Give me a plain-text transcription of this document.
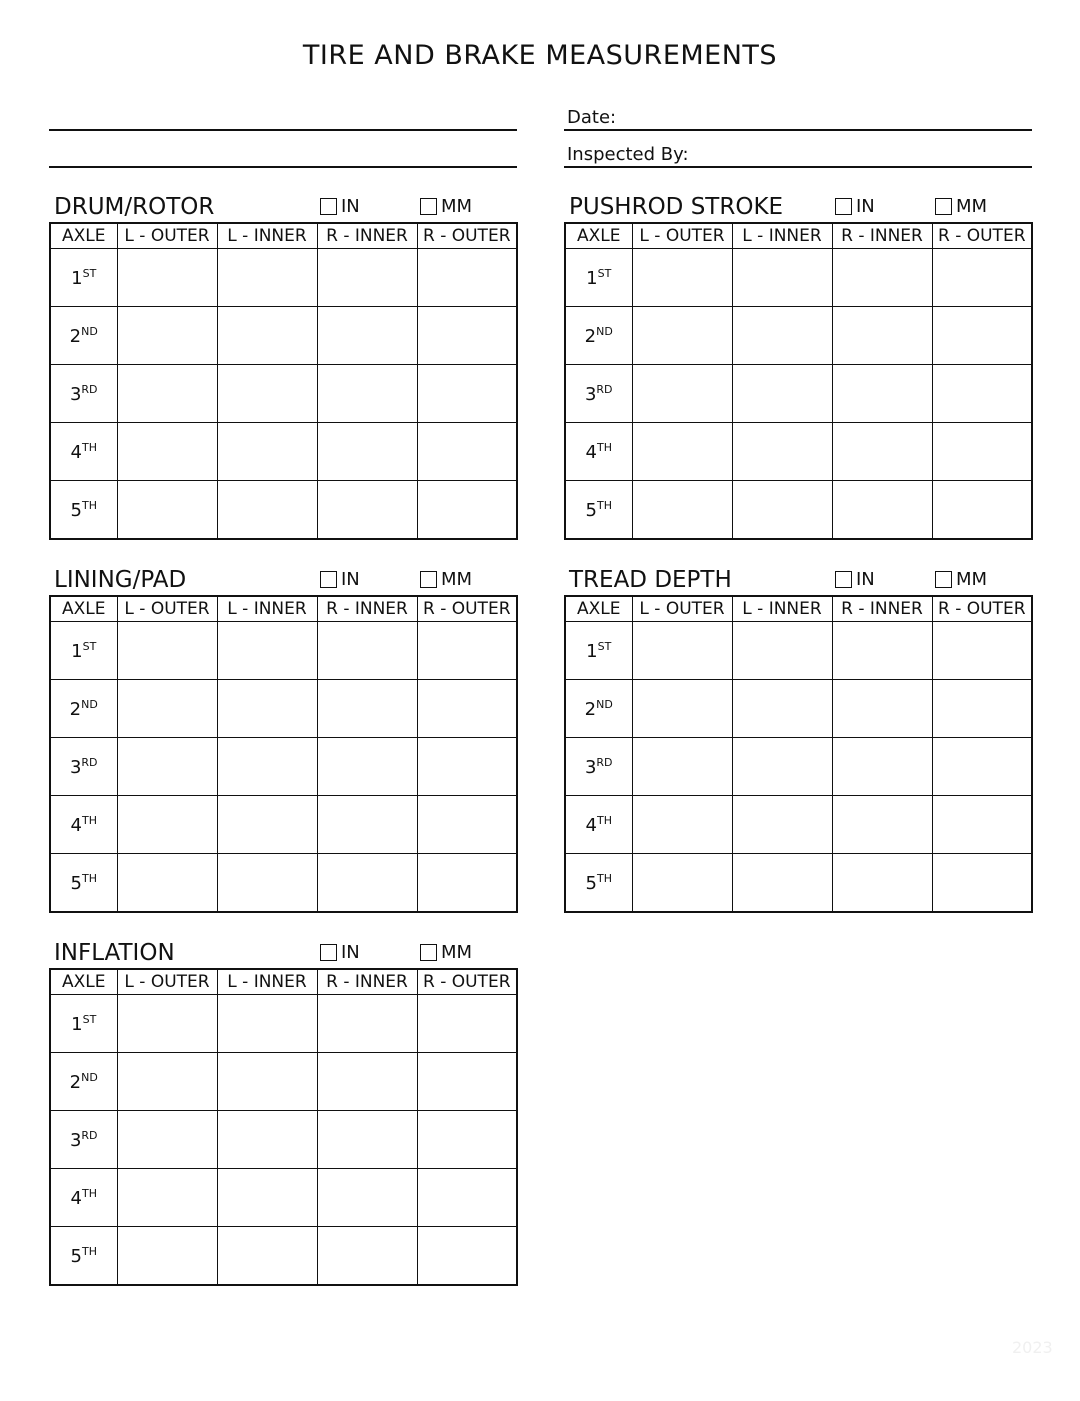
TIRE AND BRAKE MEASUREMENTS
Date:
Inspected By:
2023
DRUM/ROTOR	IN	MM
AXLE	L - OUTER	L - INNER	R - INNER	R - OUTER
1ST				
2ND				
3RD				
4TH				
5TH				
PUSHROD STROKE	IN	MM
AXLE	L - OUTER	L - INNER	R - INNER	R - OUTER
1ST				
2ND				
3RD				
4TH				
5TH				
LINING/PAD	IN	MM
AXLE	L - OUTER	L - INNER	R - INNER	R - OUTER
1ST				
2ND				
3RD				
4TH				
5TH				
TREAD DEPTH	IN	MM
AXLE	L - OUTER	L - INNER	R - INNER	R - OUTER
1ST				
2ND				
3RD				
4TH				
5TH				
INFLATION	IN	MM
AXLE	L - OUTER	L - INNER	R - INNER	R - OUTER
1ST				
2ND				
3RD				
4TH				
5TH				
